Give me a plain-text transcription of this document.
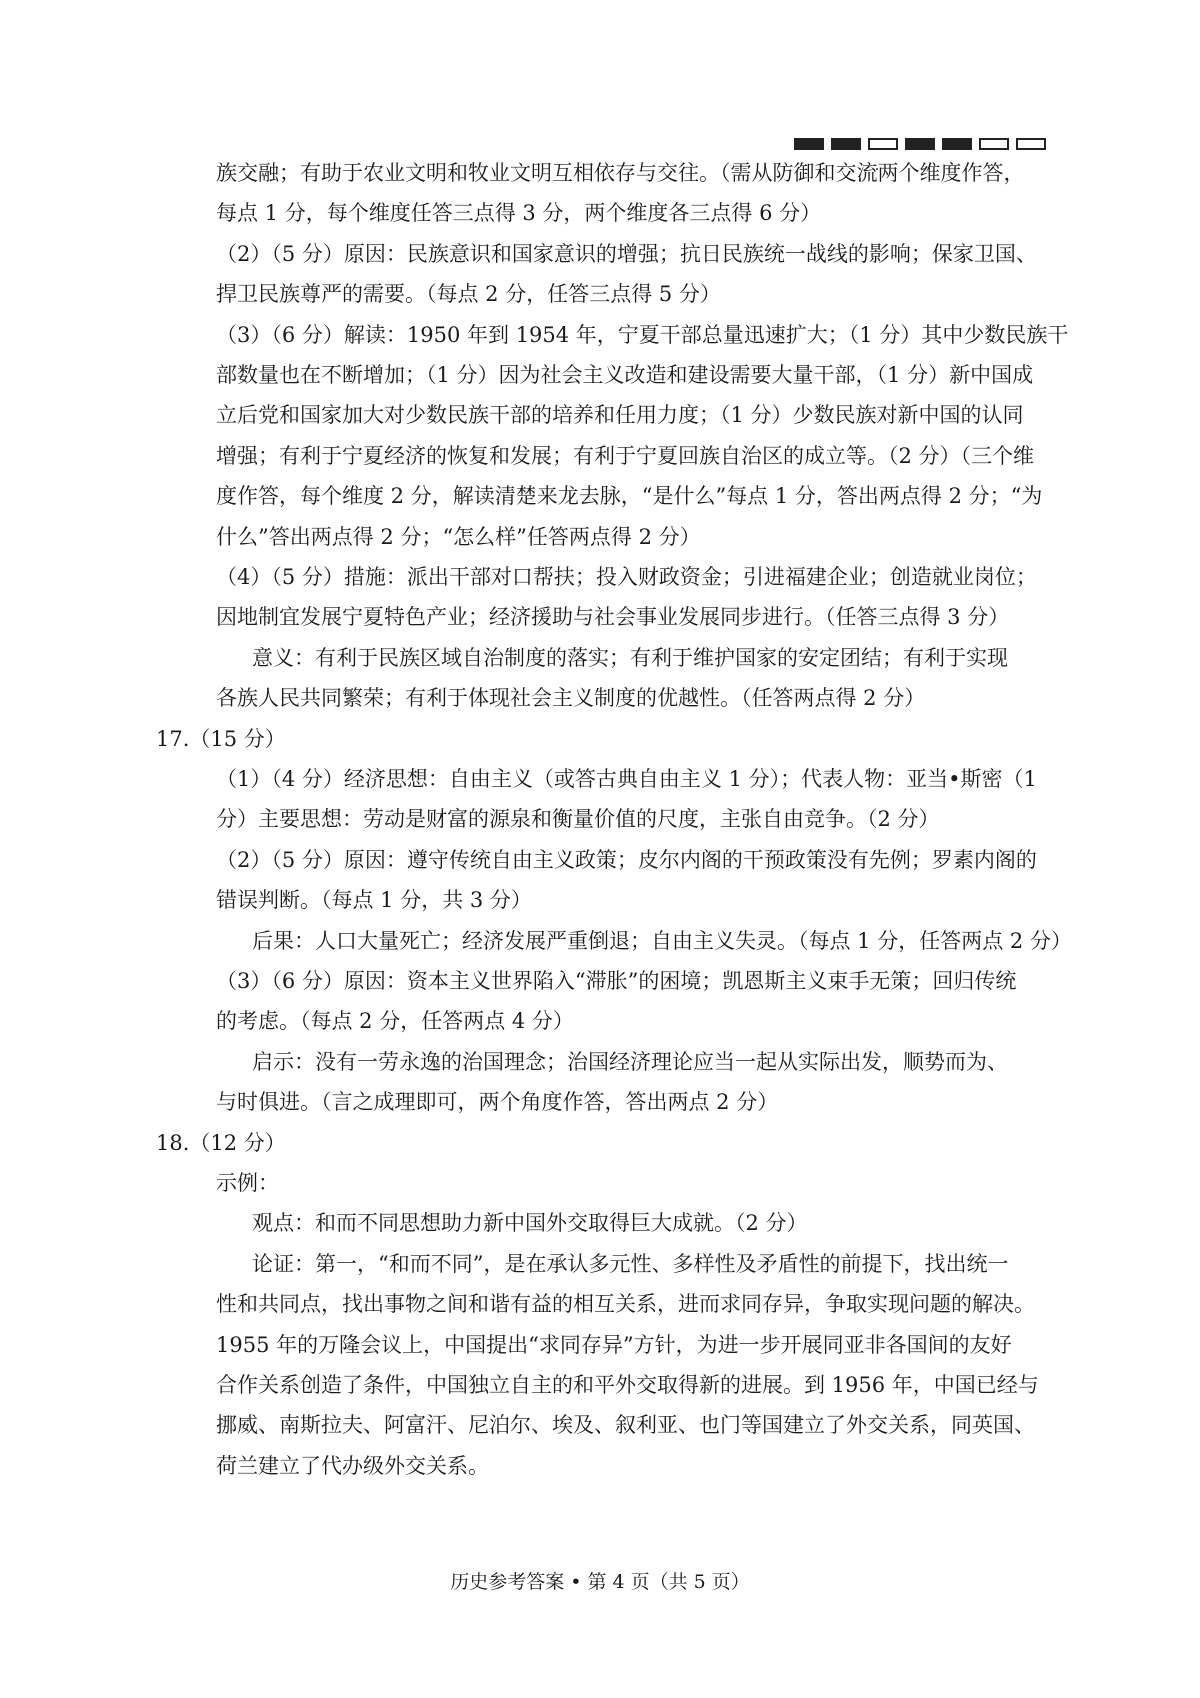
族交融；有助于农业文明和牧业文明互相依存与交往。（需从防御和交流两个维度作答，
每点 1 分，每个维度任答三点得 3 分，两个维度各三点得 6 分）
（2）（5 分）原因：民族意识和国家意识的增强；抗日民族统一战线的影响；保家卫国、
捍卫民族尊严的需要。（每点 2 分，任答三点得 5 分）
（3）（6 分）解读：1950 年到 1954 年，宁夏干部总量迅速扩大；（1 分）其中少数民族干
部数量也在不断增加；（1 分）因为社会主义改造和建设需要大量干部，（1 分）新中国成
立后党和国家加大对少数民族干部的培养和任用力度；（1 分）少数民族对新中国的认同
增强；有利于宁夏经济的恢复和发展；有利于宁夏回族自治区的成立等。（2 分）（三个维
度作答，每个维度 2 分，解读清楚来龙去脉，“是什么”每点 1 分，答出两点得 2 分；“为
什么”答出两点得 2 分；“怎么样”任答两点得 2 分）
（4）（5 分）措施：派出干部对口帮扶；投入财政资金；引进福建企业；创造就业岗位；
因地制宜发展宁夏特色产业；经济援助与社会事业发展同步进行。（任答三点得 3 分）
意义：有利于民族区域自治制度的落实；有利于维护国家的安定团结；有利于实现
各族人民共同繁荣；有利于体现社会主义制度的优越性。（任答两点得 2 分）
17.（15 分）
（1）（4 分）经济思想：自由主义（或答古典自由主义 1 分）；代表人物：亚当•斯密（1
分）主要思想：劳动是财富的源泉和衡量价值的尺度，主张自由竞争。（2 分）
（2）（5 分）原因：遵守传统自由主义政策；皮尔内阁的干预政策没有先例；罗素内阁的
错误判断。（每点 1 分，共 3 分）
后果：人口大量死亡；经济发展严重倒退；自由主义失灵。（每点 1 分，任答两点 2 分）
（3）（6 分）原因：资本主义世界陷入“滞胀”的困境；凯恩斯主义束手无策；回归传统
的考虑。（每点 2 分，任答两点 4 分）
启示：没有一劳永逸的治国理念；治国经济理论应当一起从实际出发，顺势而为、
与时俱进。（言之成理即可，两个角度作答，答出两点 2 分）
18.（12 分）
示例：
观点：和而不同思想助力新中国外交取得巨大成就。（2 分）
论证：第一，“和而不同”，是在承认多元性、多样性及矛盾性的前提下，找出统一
性和共同点，找出事物之间和谐有益的相互关系，进而求同存异，争取实现问题的解决。
1955 年的万隆会议上，中国提出“求同存异”方针，为进一步开展同亚非各国间的友好
合作关系创造了条件，中国独立自主的和平外交取得新的进展。到 1956 年，中国已经与
挪威、南斯拉夫、阿富汗、尼泊尔、埃及、叙利亚、也门等国建立了外交关系，同英国、
荷兰建立了代办级外交关系。
历史参考答案 • 第 4 页（共 5 页）
